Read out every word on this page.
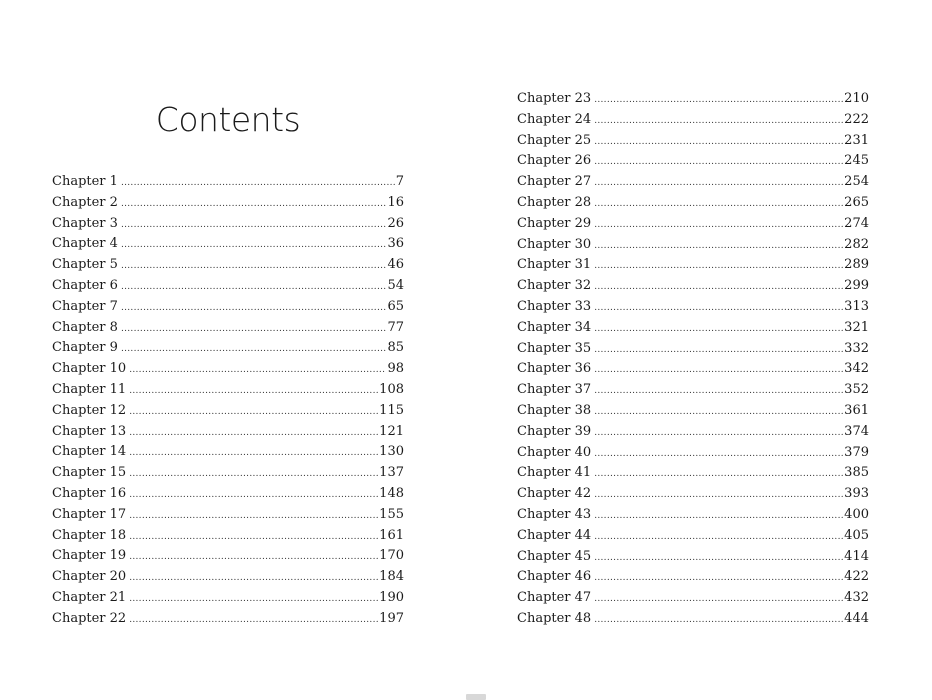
Contents
Chapter 1 .....	7
Chapter 2 .....	16
Chapter 3 .....	26
Chapter 4 .....	36
Chapter 5 .....	46
Chapter 6 .....	54
Chapter 7 .....	65
Chapter 8 .....	77
Chapter 9 .....	85
Chapter 10 .....	98
Chapter 11 .....	108
Chapter 12 .....	115
Chapter 13 .....	121
Chapter 14 .....	130
Chapter 15 .....	137
Chapter 16 .....	148
Chapter 17 .....	155
Chapter 18 .....	161
Chapter 19 .....	170
Chapter 20 .....	184
Chapter 21 .....	190
Chapter 22 .....	197
Chapter 23 .....	210
Chapter 24 .....	222
Chapter 25 .....	231
Chapter 26 .....	245
Chapter 27 .....	254
Chapter 28 .....	265
Chapter 29 .....	274
Chapter 30 .....	282
Chapter 31 .....	289
Chapter 32 .....	299
Chapter 33 .....	313
Chapter 34 .....	321
Chapter 35 .....	332
Chapter 36 .....	342
Chapter 37 .....	352
Chapter 38 .....	361
Chapter 39 .....	374
Chapter 40 .....	379
Chapter 41 .....	385
Chapter 42 .....	393
Chapter 43 .....	400
Chapter 44 .....	405
Chapter 45 .....	414
Chapter 46 .....	422
Chapter 47 .....	432
Chapter 48 .....	444
